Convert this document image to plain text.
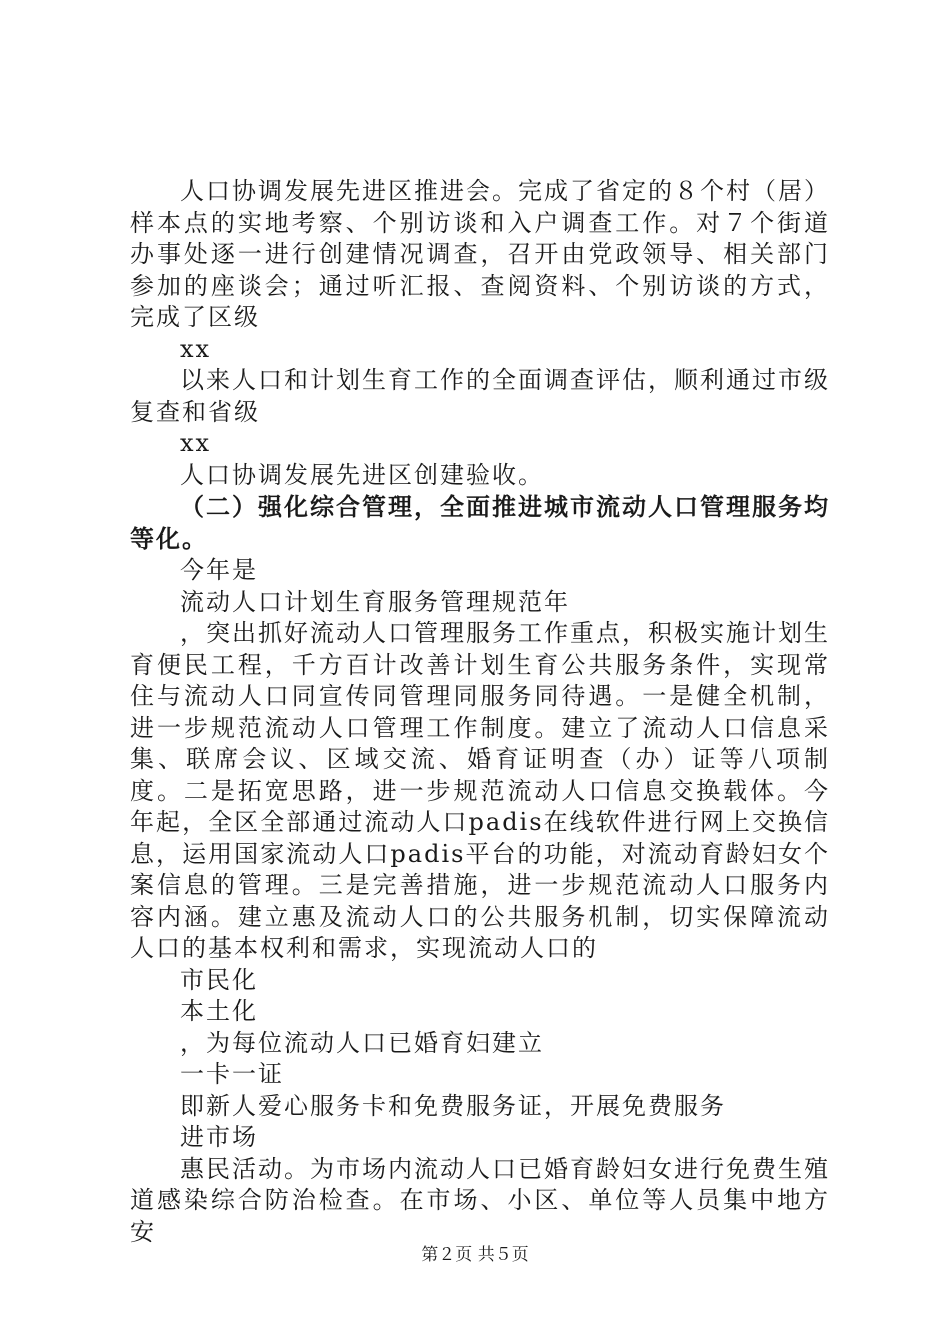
人口协调发展先进区推进会。完成了省定的８个村（居）样本点的实地考察、个别访谈和入户调查工作。对７个街道办事处逐一进行创建情况调查，召开由党政领导、相关部门参加的座谈会；通过听汇报、查阅资料、个别访谈的方式，完成了区级

xx

以来人口和计划生育工作的全面调查评估，顺利通过市级复查和省级

xx

人口协调发展先进区创建验收。

（二）强化综合管理，全面推进城市流动人口管理服务均等化。

今年是

流动人口计划生育服务管理规范年

，突出抓好流动人口管理服务工作重点，积极实施计划生育便民工程，千方百计改善计划生育公共服务条件，实现常住与流动人口同宣传同管理同服务同待遇。一是健全机制，进一步规范流动人口管理工作制度。建立了流动人口信息采集、联席会议、区域交流、婚育证明查（办）证等八项制度。二是拓宽思路，进一步规范流动人口信息交换载体。今年起，全区全部通过流动人口padis在线软件进行网上交换信息，运用国家流动人口padis平台的功能，对流动育龄妇女个案信息的管理。三是完善措施，进一步规范流动人口服务内容内涵。建立惠及流动人口的公共服务机制，切实保障流动人口的基本权利和需求，实现流动人口的

市民化

本土化

，为每位流动人口已婚育妇建立

一卡一证

即新人爱心服务卡和免费服务证，开展免费服务

进市场

惠民活动。为市场内流动人口已婚育龄妇女进行免费生殖道感染综合防治检查。在市场、小区、单位等人员集中地方安

第２页 共５页
